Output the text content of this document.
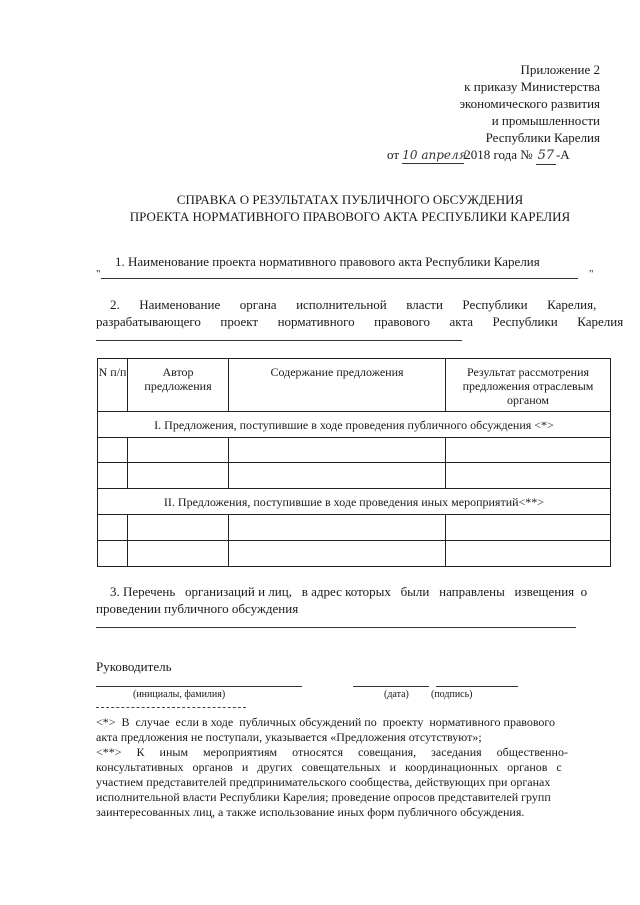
Приложение 2
к приказу Министерства
экономического развития
и промышленности
Республики Карелия
от 10 апреля2018 года № 57 -А
СПРАВКА О РЕЗУЛЬТАТАХ ПУБЛИЧНОГО ОБСУЖДЕНИЯ
ПРОЕКТА НОРМАТИВНОГО ПРАВОВОГО АКТА РЕСПУБЛИКИ КАРЕЛИЯ
1. Наименование проекта нормативного правового акта Республики Карелия
"	"
2.      Наименование      органа      исполнительной      власти      Республики      Карелия,
разрабатывающего      проект      нормативного      правового      акта      Республики      Карелия
N п/п	Автор предложения	Содержание предложения	Результат рассмотрения предложения отраслевым органом
I. Предложения, поступившие в ходе проведения публичного обсуждения <*>			

II. Предложения, поступившие в ходе проведения иных мероприятий<**>			

3. Перечень   организаций и лиц,   в адрес которых   были   направлены   извещения  о
проведении публичного обсуждения
Руководитель
(инициалы, фамилия)	(дата) (подпись)
<*>  В  случае  если в ходе  публичных обсуждений по  проекту  нормативного правового
акта предложения не поступали, указывается «Предложения отсутствуют»;
<**>     К     иным     мероприятиям     относятся     совещания,     заседания     общественно-
консультативных   органов   и   других   совещательных   и   координационных   органов   с
участием представителей предпринимательского сообщества, действующих при органах
исполнительной власти Республики Карелия; проведение опросов представителей групп
заинтересованных лиц, а также использование иных форм публичного обсуждения.
